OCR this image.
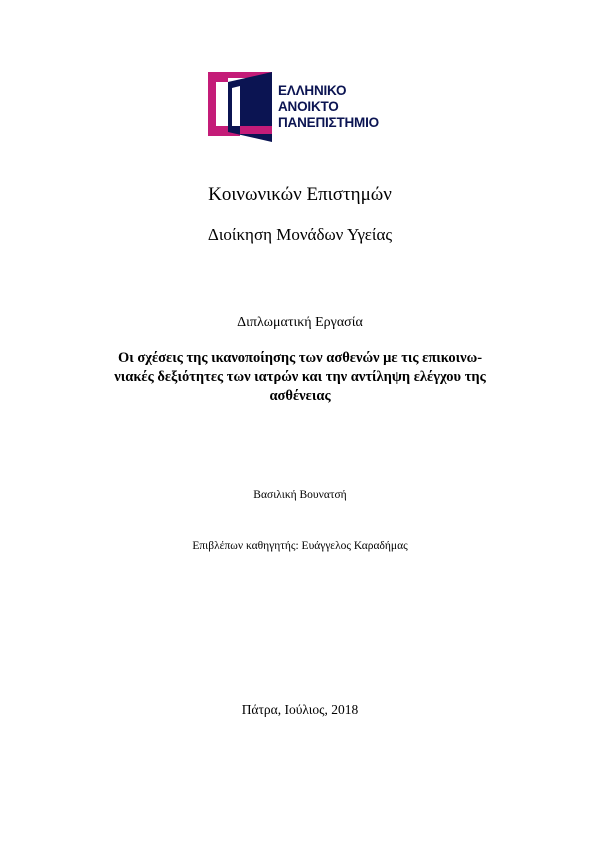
ΕΛΛΗΝΙΚΟ
ΑΝΟΙΚΤΟ
ΠΑΝΕΠΙΣΤΗΜΙΟ
Κοινωνικών Επιστημών
Διοίκηση Μονάδων Υγείας
Διπλωματική Εργασία
Οι σχέσεις της ικανοποίησης των ασθενών με τις επικοινω-
νιακές δεξιότητες των ιατρών και την αντίληψη ελέγχου της
ασθένειας
Βασιλική Βουνατσή
Επιβλέπων καθηγητής: Ευάγγελος Καραδήμας
Πάτρα, Ιούλιος, 2018
